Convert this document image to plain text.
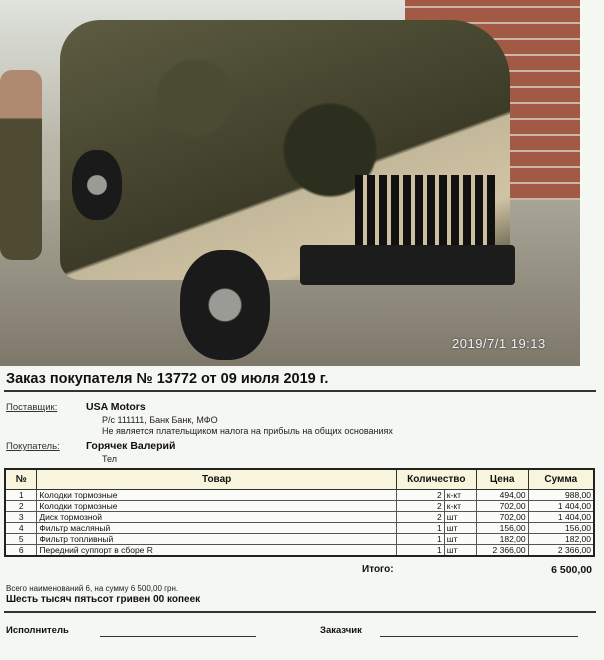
2019/7/1 19:13
Заказ покупателя № 13772 от 09 июля 2019 г.
Поставщик:	USA Motors
Р/с 111111, Банк Банк, МФО
Не является плательщиком налога на прибыль на общих основаниях
Покупатель:	Горячек Валерий
Тел
№	Товар	Количество		Цена	Сумма
1	Колодки тормозные	2	к-кт	494,00	988,00
2	Колодки тормозные	2	к-кт	702,00	1 404,00
3	Диск тормозной	2	шт	702,00	1 404,00
4	Фильтр масляный	1	шт	156,00	156,00
5	Фильтр топливный	1	шт	182,00	182,00
6	Передний суппорт в сборе R	1	шт	2 366,00	2 366,00
Итого:	6 500,00
Всего наименований 6, на сумму 6 500,00 грн.
Шесть тысяч пятьсот гривен 00 копеек
Исполнитель	Заказчик
